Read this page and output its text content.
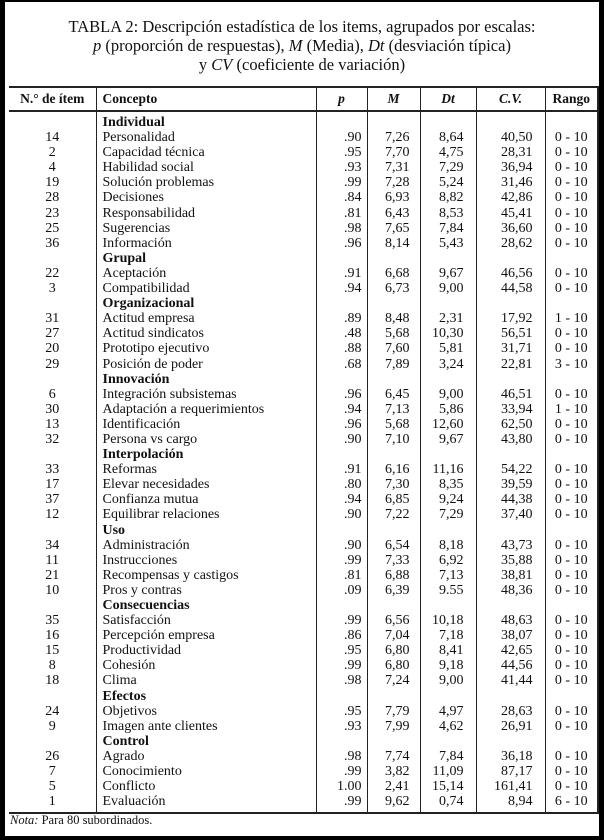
TABLA 2: Descripción estadística de los items, agrupados por escalas:
p (proporción de respuestas), M (Media), Dt (desviación típica)
y CV (coeficiente de variación)
N.° de ítem	Concepto	p	M	Dt	C.V.	Rango
	Individual					
14	Personalidad	.90	7,26	8,64	40,50	0 - 10
2	Capacidad técnica	.95	7,70	4,75	28,31	0 - 10
4	Habilidad social	.93	7,31	7,29	36,94	0 - 10
19	Solución problemas	.99	7,28	5,24	31,46	0 - 10
28	Decisiones	.84	6,93	8,82	42,86	0 - 10
23	Responsabilidad	.81	6,43	8,53	45,41	0 - 10
25	Sugerencias	.98	7,65	7,84	36,60	0 - 10
36	Información	.96	8,14	5,43	28,62	0 - 10
	Grupal					
22	Aceptación	.91	6,68	9,67	46,56	0 - 10
3	Compatibilidad	.94	6,73	9,00	44,58	0 - 10
	Organizacional					
31	Actitud empresa	.89	8,48	2,31	17,92	1 - 10
27	Actitud sindicatos	.48	5,68	10,30	56,51	0 - 10
20	Prototipo ejecutivo	.88	7,60	5,81	31,71	0 - 10
29	Posición de poder	.68	7,89	3,24	22,81	3 - 10
	Innovación					
6	Integración subsistemas	.96	6,45	9,00	46,51	0 - 10
30	Adaptación a requerimientos	.94	7,13	5,86	33,94	1 - 10
13	Identificación	.96	5,68	12,60	62,50	0 - 10
32	Persona vs cargo	.90	7,10	9,67	43,80	0 - 10
	Interpolación					
33	Reformas	.91	6,16	11,16	54,22	0 - 10
17	Elevar necesidades	.80	7,30	8,35	39,59	0 - 10
37	Confianza mutua	.94	6,85	9,24	44,38	0 - 10
12	Equilibrar relaciones	.90	7,22	7,29	37,40	0 - 10
	Uso					
34	Administración	.90	6,54	8,18	43,73	0 - 10
11	Instrucciones	.99	7,33	6,92	35,88	0 - 10
21	Recompensas y castigos	.81	6,88	7,13	38,81	0 - 10
10	Pros y contras	.09	6,39	9.55	48,36	0 - 10
	Consecuencias					
35	Satisfacción	.99	6,56	10,18	48,63	0 - 10
16	Percepción empresa	.86	7,04	7,18	38,07	0 - 10
15	Productividad	.95	6,80	8,41	42,65	0 - 10
8	Cohesión	.99	6,80	9,18	44,56	0 - 10
18	Clima	.98	7,24	9,00	41,44	0 - 10
	Efectos					
24	Objetivos	.95	7,79	4,97	28,63	0 - 10
9	Imagen ante clientes	.93	7,99	4,62	26,91	0 - 10
	Control					
26	Agrado	.98	7,74	7,84	36,18	0 - 10
7	Conocimiento	.99	3,82	11,09	87,17	0 - 10
5	Conflicto	1.00	2,41	15,14	161,41	0 - 10
1	Evaluación	.99	9,62	0,74	8,94	6 - 10
Nota: Para 80 subordinados.
